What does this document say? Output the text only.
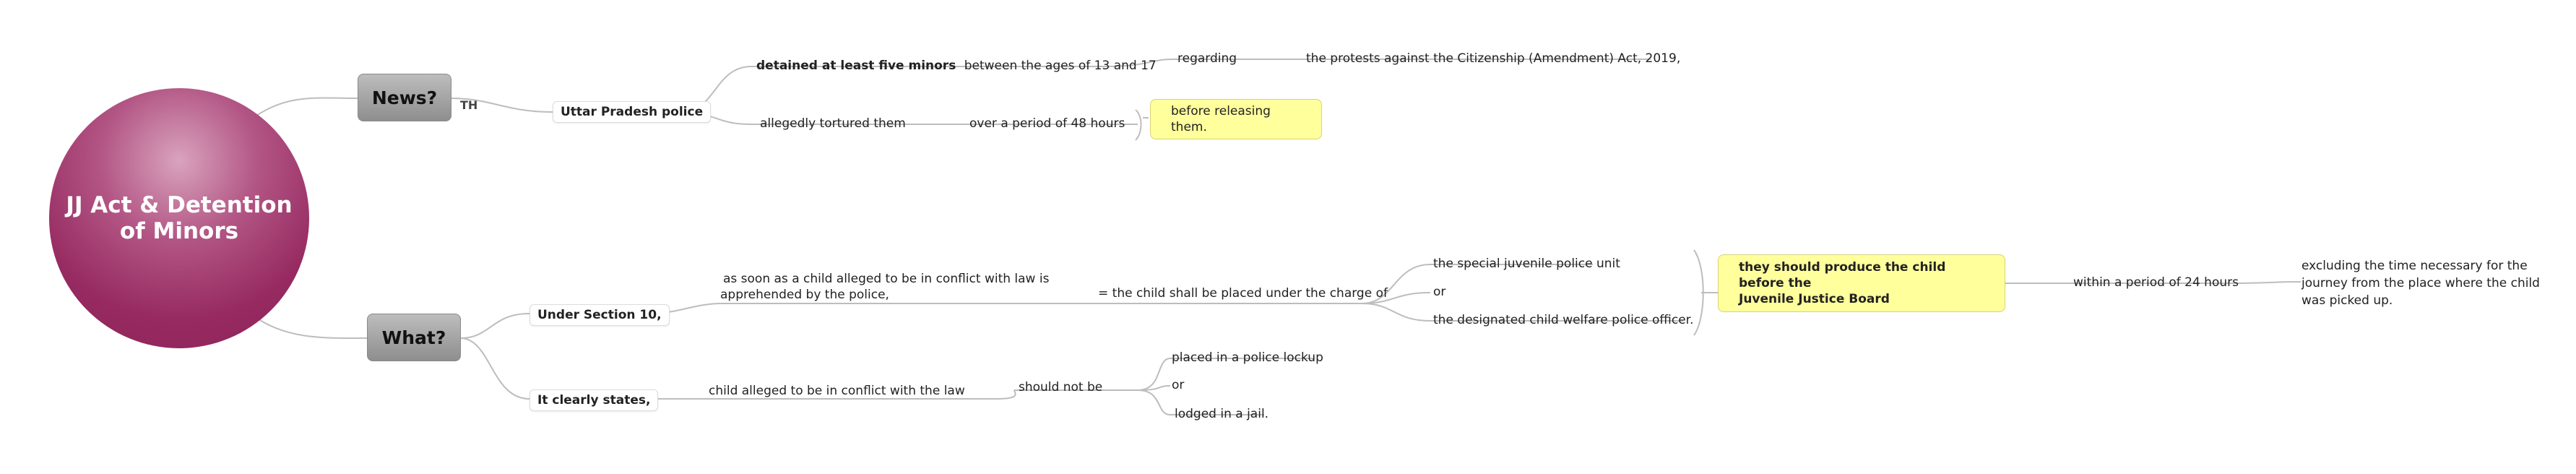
JJ Act & Detention
of Minors
News? TH	Uttar Pradesh police
detained at least five minors between the ages of 13 and 17 regarding	the protests against the Citizenship (Amendment) Act, 2019,
allegedly tortured them	over a period of 48 hours
before releasing them.
What?
Under Section 10,
as soon as a child alleged to be in conflict with law is
apprehended by the police,	= the child shall be placed under the charge of
the special juvenile police unit
or
the designated child welfare police officer.
they should produce the child before the
Juvenile Justice Board
within a period of 24 hours
excluding the time necessary for the
journey from the place where the child
was picked up.
It clearly states,
child alleged to be in conflict with the law	should not be
placed in a police lockup
or
lodged in a jail.
